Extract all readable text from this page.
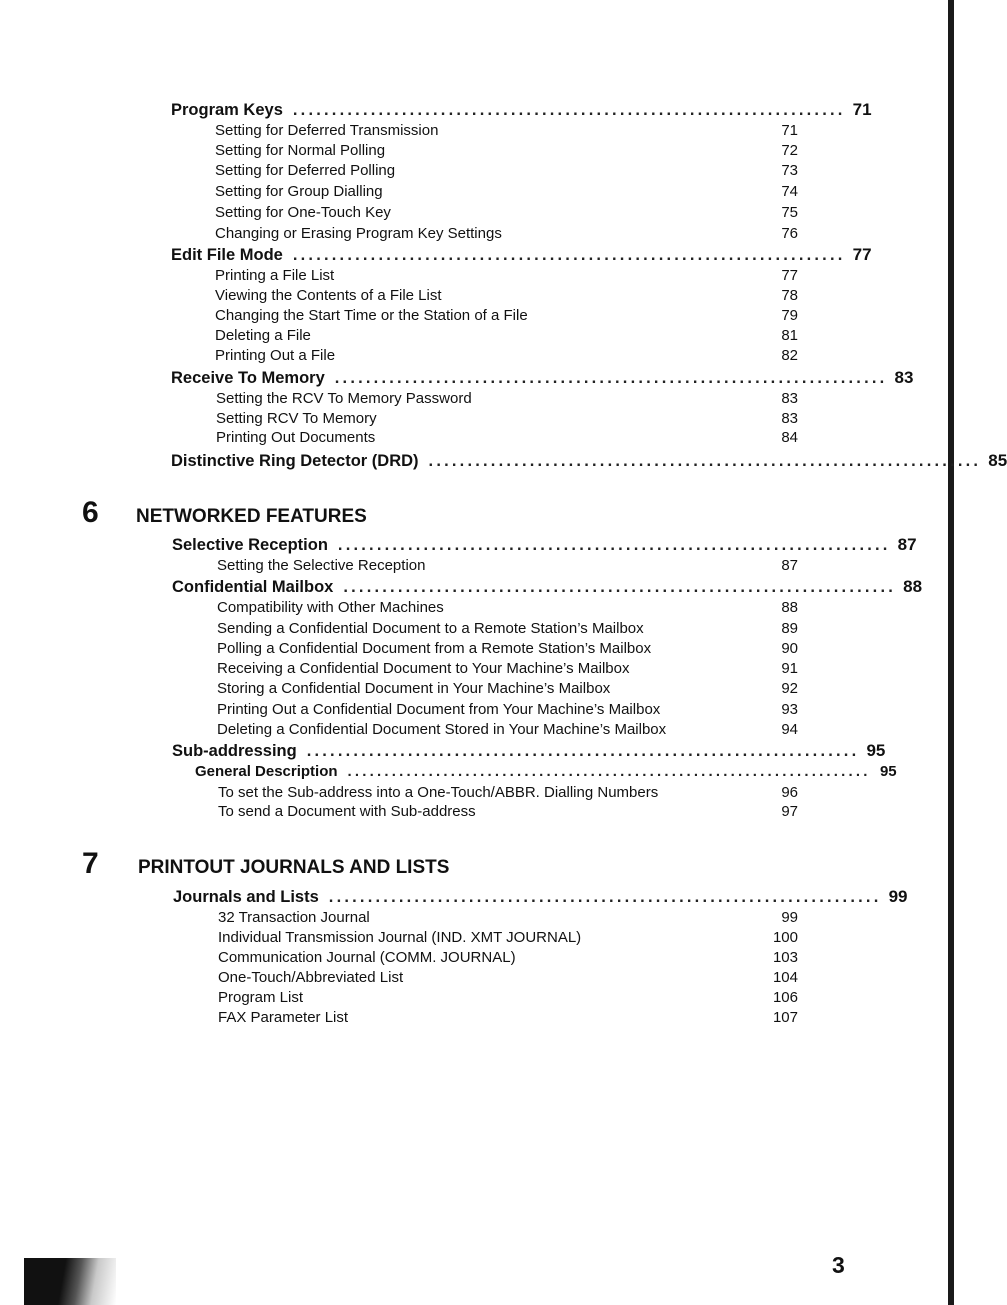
Program Keys ....................................................................... 71
Setting for Deferred Transmission	71
Setting for Normal Polling	72
Setting for Deferred Polling	73
Setting for Group Dialling	74
Setting for One-Touch Key	75
Changing or Erasing Program Key Settings	76
Edit File Mode ....................................................................... 77
Printing a File List	77
Viewing the Contents of a File List	78
Changing the Start Time or the Station of a File	79
Deleting a File	81
Printing Out a File	82
Receive To Memory ....................................................................... 83
Setting the RCV To Memory Password	83
Setting RCV To Memory	83
Printing Out Documents	84
Distinctive Ring Detector (DRD) ....................................................................... 85
6 NETWORKED FEATURES
Selective Reception ....................................................................... 87
Setting the Selective Reception	87
Confidential Mailbox ....................................................................... 88
Compatibility with Other Machines	88
Sending a Confidential Document to a Remote Station’s Mailbox	89
Polling a Confidential Document from a Remote Station’s Mailbox	90
Receiving a Confidential Document to Your Machine’s Mailbox	91
Storing a Confidential Document in Your Machine’s Mailbox	92
Printing Out a Confidential Document from Your Machine’s Mailbox	93
Deleting a Confidential Document Stored in Your Machine’s Mailbox	94
Sub-addressing ....................................................................... 95
General Description ....................................................................... 95
To set the Sub-address into a One-Touch/ABBR. Dialling Numbers	96
To send a Document with Sub-address	97
7 PRINTOUT JOURNALS AND LISTS
Journals and Lists ....................................................................... 99
32 Transaction Journal	99
Individual Transmission Journal (IND. XMT JOURNAL)	100
Communication Journal (COMM. JOURNAL)	103
One-Touch/Abbreviated List	104
Program List	106
FAX Parameter List	107
3
